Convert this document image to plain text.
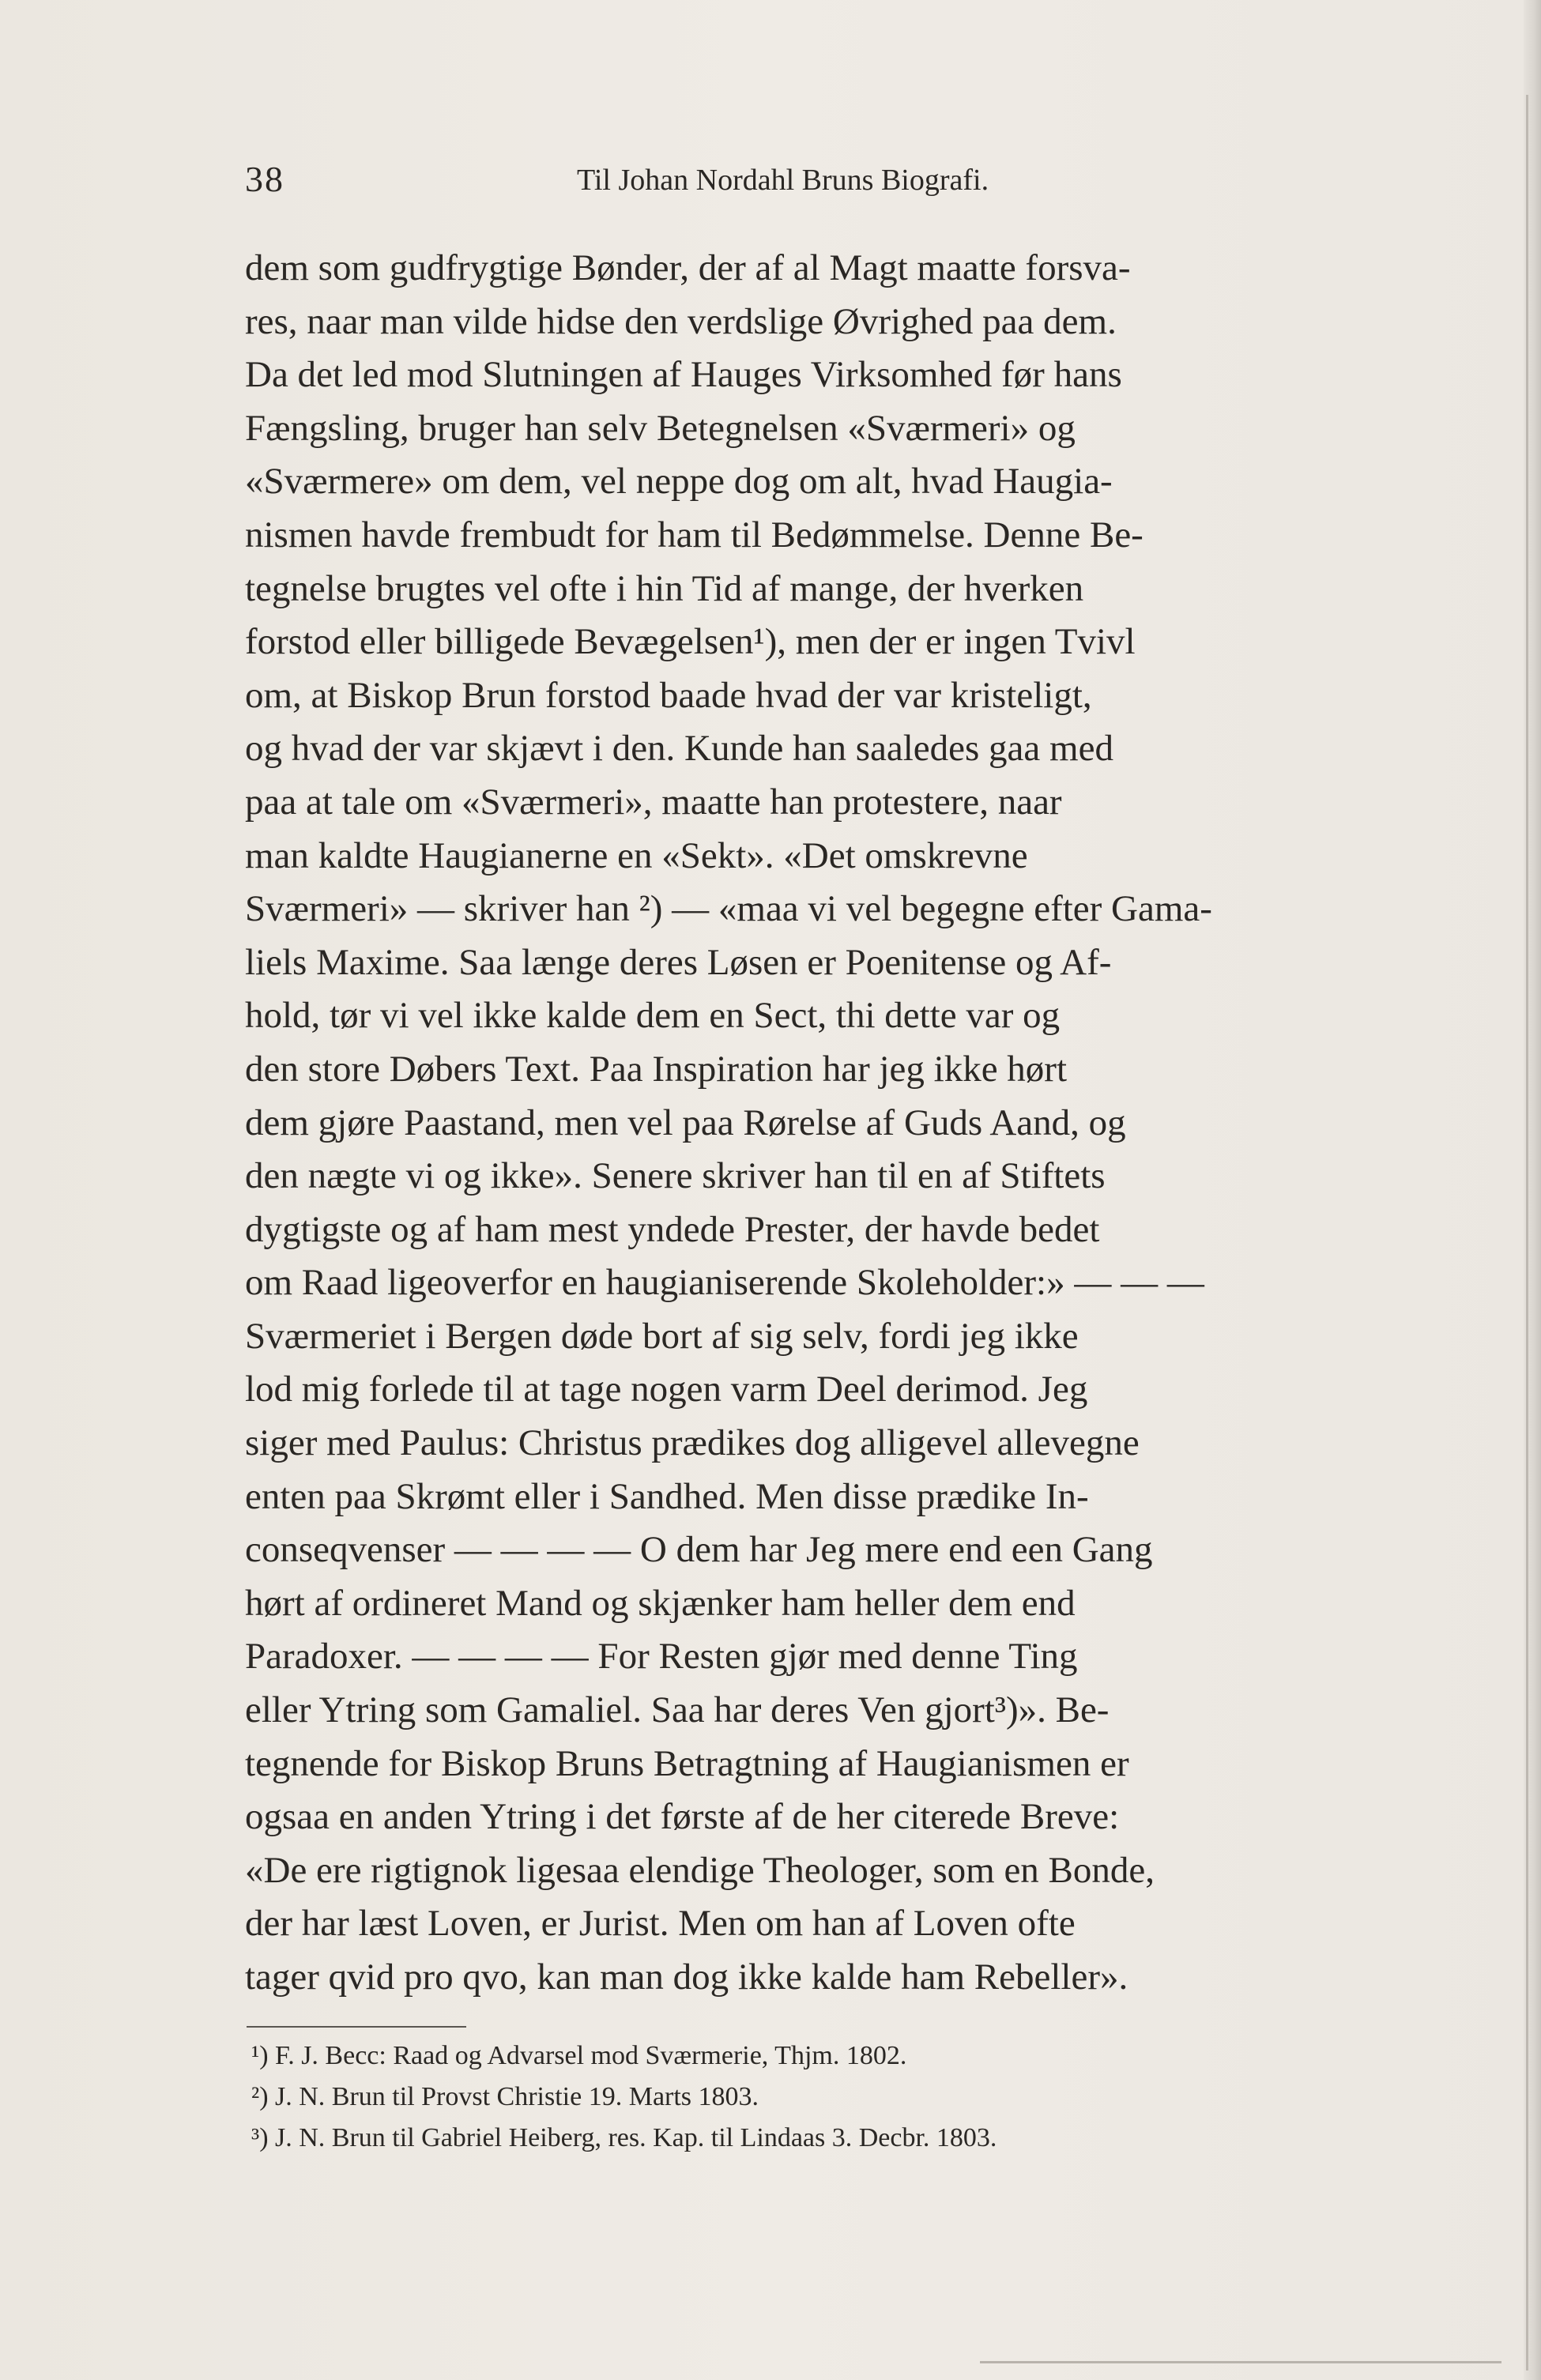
38	Til Johan Nordahl Bruns Biografi.
dem som gudfrygtige Bønder, der af al Magt maatte forsva-
res, naar man vilde hidse den verdslige Øvrighed paa dem.
Da det led mod Slutningen af Hauges Virksomhed før hans
Fængsling, bruger han selv Betegnelsen «Sværmeri» og
«Sværmere» om dem, vel neppe dog om alt, hvad Haugia-
nismen havde frembudt for ham til Bedømmelse. Denne Be-
tegnelse brugtes vel ofte i hin Tid af mange, der hverken
forstod eller billigede Bevægelsen¹), men der er ingen Tvivl
om, at Biskop Brun forstod baade hvad der var kristeligt,
og hvad der var skjævt i den. Kunde han saaledes gaa med
paa at tale om «Sværmeri», maatte han protestere, naar
man kaldte Haugianerne en «Sekt». «Det omskrevne
Sværmeri» — skriver han ²) — «maa vi vel begegne efter Gama-
liels Maxime. Saa længe deres Løsen er Poenitense og Af-
hold, tør vi vel ikke kalde dem en Sect, thi dette var og
den store Døbers Text. Paa Inspiration har jeg ikke hørt
dem gjøre Paastand, men vel paa Rørelse af Guds Aand, og
den nægte vi og ikke». Senere skriver han til en af Stiftets
dygtigste og af ham mest yndede Prester, der havde bedet
om Raad ligeoverfor en haugianiserende Skoleholder:» — — —
Sværmeriet i Bergen døde bort af sig selv, fordi jeg ikke
lod mig forlede til at tage nogen varm Deel derimod. Jeg
siger med Paulus: Christus prædikes dog alligevel allevegne
enten paa Skrømt eller i Sandhed. Men disse prædike In-
conseqvenser — — — — O dem har Jeg mere end een Gang
hørt af ordineret Mand og skjænker ham heller dem end
Paradoxer. — — — — For Resten gjør med denne Ting
eller Ytring som Gamaliel. Saa har deres Ven gjort³)». Be-
tegnende for Biskop Bruns Betragtning af Haugianismen er
ogsaa en anden Ytring i det første af de her citerede Breve:
«De ere rigtignok ligesaa elendige Theologer, som en Bonde,
der har læst Loven, er Jurist. Men om han af Loven ofte
tager qvid pro qvo, kan man dog ikke kalde ham Rebeller».
¹) F. J. Becc: Raad og Advarsel mod Sværmerie, Thjm. 1802.
²) J. N. Brun til Provst Christie 19. Marts 1803.
³) J. N. Brun til Gabriel Heiberg, res. Kap. til Lindaas 3. Decbr. 1803.
